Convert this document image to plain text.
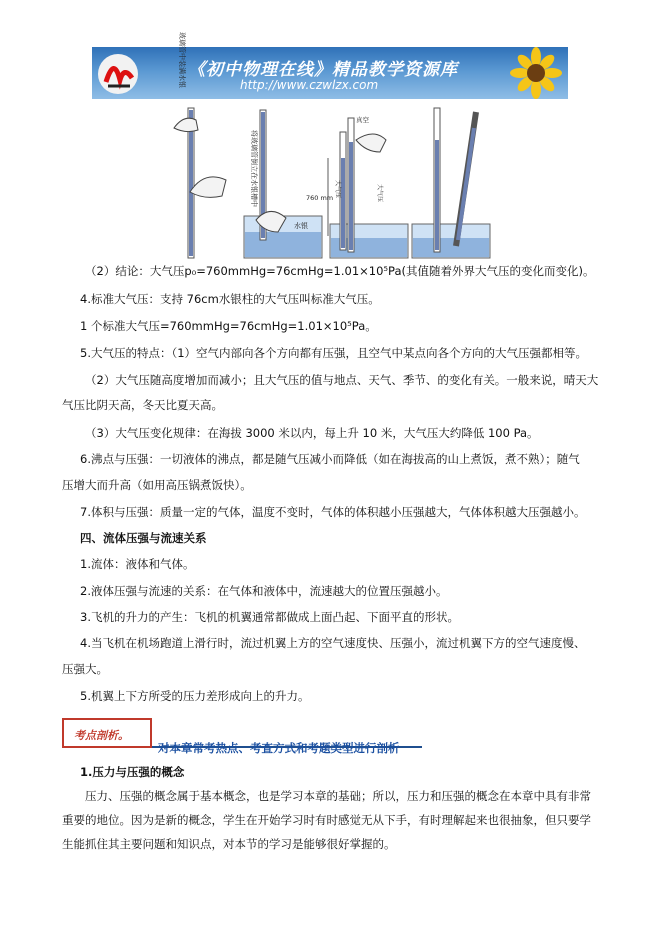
《初中物理在线》精品教学资源库
http://www.czwlzx.com
玻璃管中装满水银
将玻璃管倒立在水银槽中
水银
760 mm
真空
大气压	大气压
（2）结论：大气压p₀=760mmHg=76cmHg=1.01×10⁵Pa(其值随着外界大气压的变化而变化)。
4.标准大气压：支持 76cm水银柱的大气压叫标准大气压。
1 个标准大气压=760mmHg=76cmHg=1.01×10⁵Pa。
5.大气压的特点：（1）空气内部向各个方向都有压强，且空气中某点向各个方向的大气压强都相等。
（2）大气压随高度增加而减小；且大气压的值与地点、天气、季节、的变化有关。一般来说，晴天大
气压比阴天高，冬天比夏天高。
（3）大气压变化规律：在海拔 3000 米以内，每上升 10 米，大气压大约降低 100 Pa。
6.沸点与压强：一切液体的沸点，都是随气压减小而降低（如在海拔高的山上煮饭，煮不熟）；随气
压增大而升高（如用高压锅煮饭快）。
7.体积与压强：质量一定的气体，温度不变时，气体的体积越小压强越大，气体体积越大压强越小。
四、流体压强与流速关系
1.流体：液体和气体。
2.液体压强与流速的关系：在气体和液体中，流速越大的位置压强越小。
3.飞机的升力的产生：飞机的机翼通常都做成上面凸起、下面平直的形状。
4.当飞机在机场跑道上滑行时，流过机翼上方的空气速度快、压强小，流过机翼下方的空气速度慢、
压强大。
5.机翼上下方所受的压力差形成向上的升力。
考点剖析。
对本章常考热点、考查方式和考题类型进行剖析
1.压力与压强的概念
压力、压强的概念属于基本概念，也是学习本章的基础；所以，压力和压强的概念在本章中具有非常
重要的地位。因为是新的概念，学生在开始学习时有时感觉无从下手，有时理解起来也很抽象，但只要学
生能抓住其主要问题和知识点，对本节的学习是能够很好掌握的。
